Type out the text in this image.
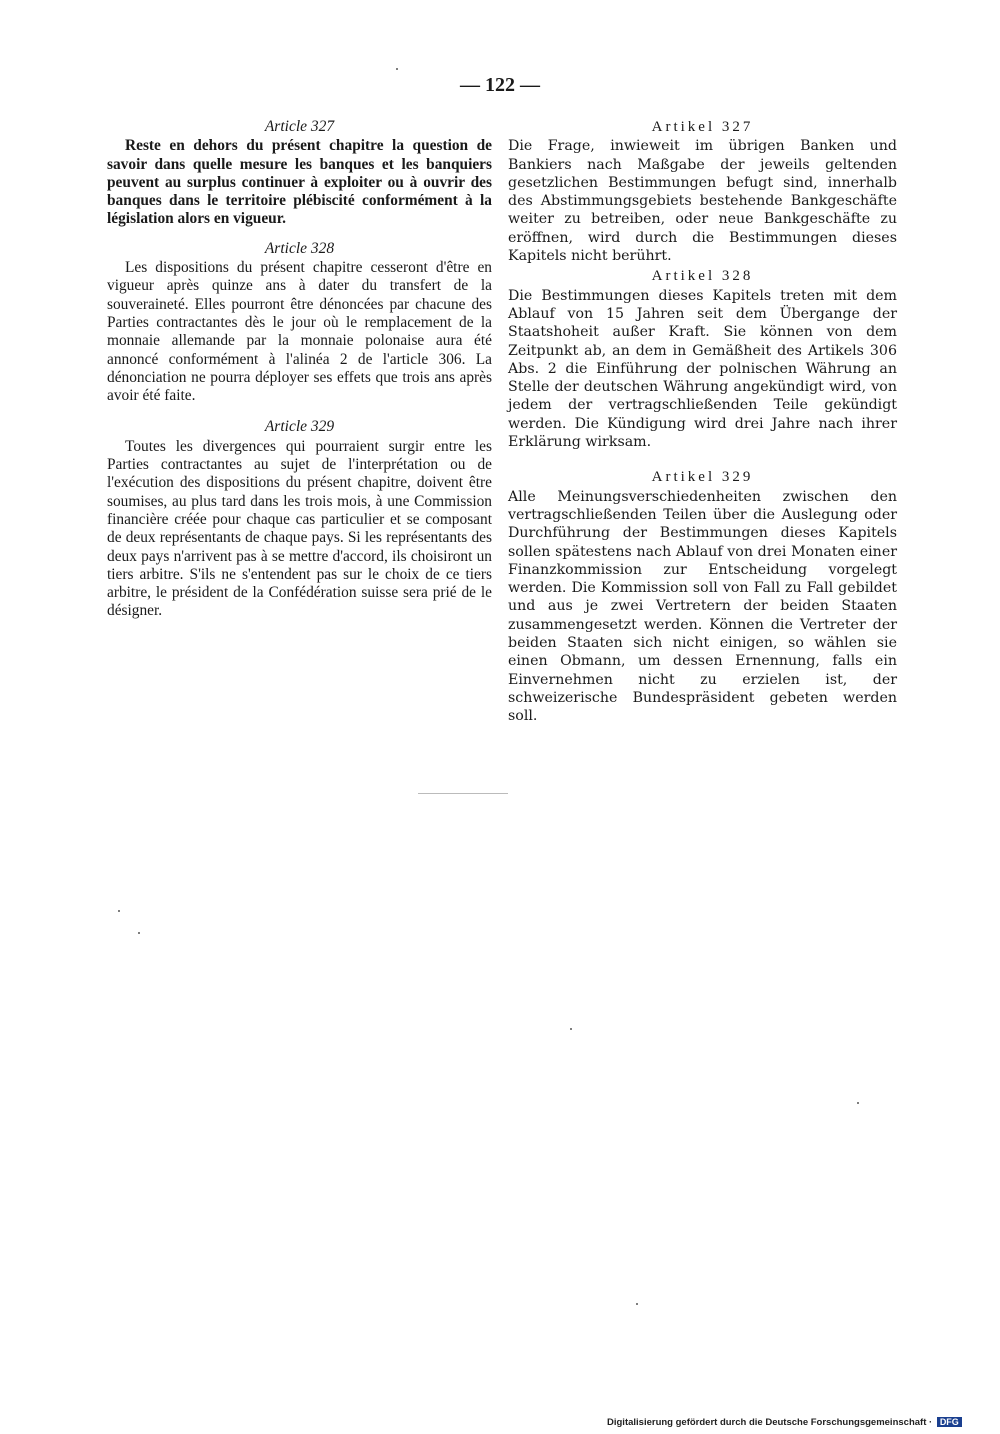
— 122 —

Article 327

Reste en dehors du présent chapitre la question de savoir dans quelle mesure les banques et les banquiers peuvent au surplus continuer à exploiter ou à ouvrir des banques dans le territoire plébiscité conformément à la législation alors en vigueur.

Article 328

Les dispositions du présent chapitre cesseront d'être en vigueur après quinze ans à dater du transfert de la souveraineté. Elles pourront être dénoncées par chacune des Parties contractantes dès le jour où le remplacement de la monnaie allemande par la monnaie polonaise aura été annoncé conformément à l'alinéa 2 de l'article 306. La dénonciation ne pourra déployer ses effets que trois ans après avoir été faite.

Article 329

Toutes les divergences qui pourraient surgir entre les Parties contractantes au sujet de l'interprétation ou de l'exécution des dispositions du présent chapitre, doivent être soumises, au plus tard dans les trois mois, à une Commission financière créée pour chaque cas particulier et se composant de deux représentants de chaque pays. Si les représentants des deux pays n'arrivent pas à se mettre d'accord, ils choisiront un tiers arbitre. S'ils ne s'entendent pas sur le choix de ce tiers arbitre, le président de la Confédération suisse sera prié de le désigner.

Artikel 327

Die Frage, inwieweit im übrigen Banken und Bankiers nach Maßgabe der jeweils geltenden gesetzlichen Bestimmungen befugt sind, innerhalb des Abstimmungsgebiets bestehende Bankgeschäfte weiter zu betreiben, oder neue Bankgeschäfte zu eröffnen, wird durch die Bestimmungen dieses Kapitels nicht berührt.

Artikel 328

Die Bestimmungen dieses Kapitels treten mit dem Ablauf von 15 Jahren seit dem Übergange der Staatshoheit außer Kraft. Sie können von dem Zeitpunkt ab, an dem in Gemäßheit des Artikels 306 Abs. 2 die Einführung der polnischen Währung an Stelle der deutschen Währung angekündigt wird, von jedem der vertragschließenden Teile gekündigt werden. Die Kündigung wird drei Jahre nach ihrer Erklärung wirksam.

Artikel 329

Alle Meinungsverschiedenheiten zwischen den vertragschließenden Teilen über die Auslegung oder Durchführung der Bestimmungen dieses Kapitels sollen spätestens nach Ablauf von drei Monaten einer Finanzkommission zur Entscheidung vorgelegt werden. Die Kommission soll von Fall zu Fall gebildet und aus je zwei Vertretern der beiden Staaten zusammengesetzt werden. Können die Vertreter der beiden Staaten sich nicht einigen, so wählen sie einen Obmann, um dessen Ernennung, falls ein Einvernehmen nicht zu erzielen ist, der schweizerische Bundespräsident gebeten werden soll.

Digitalisierung gefördert durch die Deutsche Forschungsgemeinschaft · DFG
